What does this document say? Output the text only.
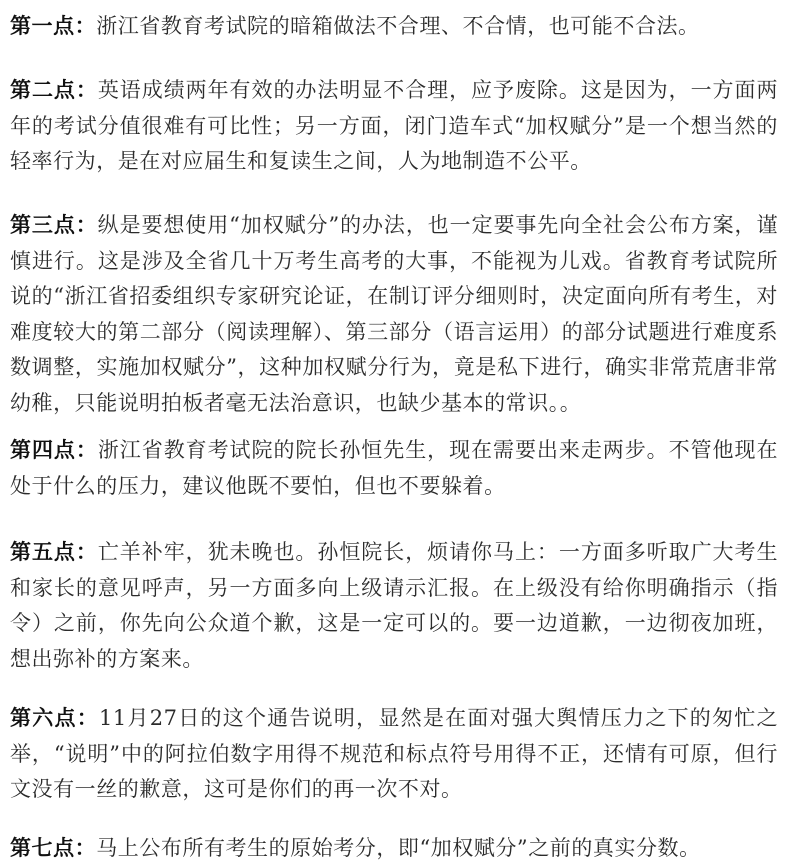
第一点：浙江省教育考试院的暗箱做法不合理、不合情，也可能不合法。

第二点：英语成绩两年有效的办法明显不合理，应予废除。这是因为，一方面两年的考试分值很难有可比性；另一方面，闭门造车式“加权赋分”是一个想当然的轻率行为，是在对应届生和复读生之间，人为地制造不公平。

第三点：纵是要想使用“加权赋分”的办法，也一定要事先向全社会公布方案，谨慎进行。这是涉及全省几十万考生高考的大事，不能视为儿戏。省教育考试院所说的“浙江省招委组织专家研究论证，在制订评分细则时，决定面向所有考生，对难度较大的第二部分（阅读理解）、第三部分（语言运用）的部分试题进行难度系数调整，实施加权赋分”，这种加权赋分行为，竟是私下进行，确实非常荒唐非常幼稚，只能说明拍板者毫无法治意识，也缺少基本的常识。。

第四点：浙江省教育考试院的院长孙恒先生，现在需要出来走两步。不管他现在处于什么的压力，建议他既不要怕，但也不要躲着。

第五点：亡羊补牢，犹未晚也。孙恒院长，烦请你马上：一方面多听取广大考生和家长的意见呼声，另一方面多向上级请示汇报。在上级没有给你明确指示（指令）之前，你先向公众道个歉，这是一定可以的。要一边道歉，一边彻夜加班，想出弥补的方案来。

第六点：11月27日的这个通告说明，显然是在面对强大舆情压力之下的匆忙之举，“说明”中的阿拉伯数字用得不规范和标点符号用得不正，还情有可原，但行文没有一丝的歉意，这可是你们的再一次不对。

第七点：马上公布所有考生的原始考分，即“加权赋分”之前的真实分数。
